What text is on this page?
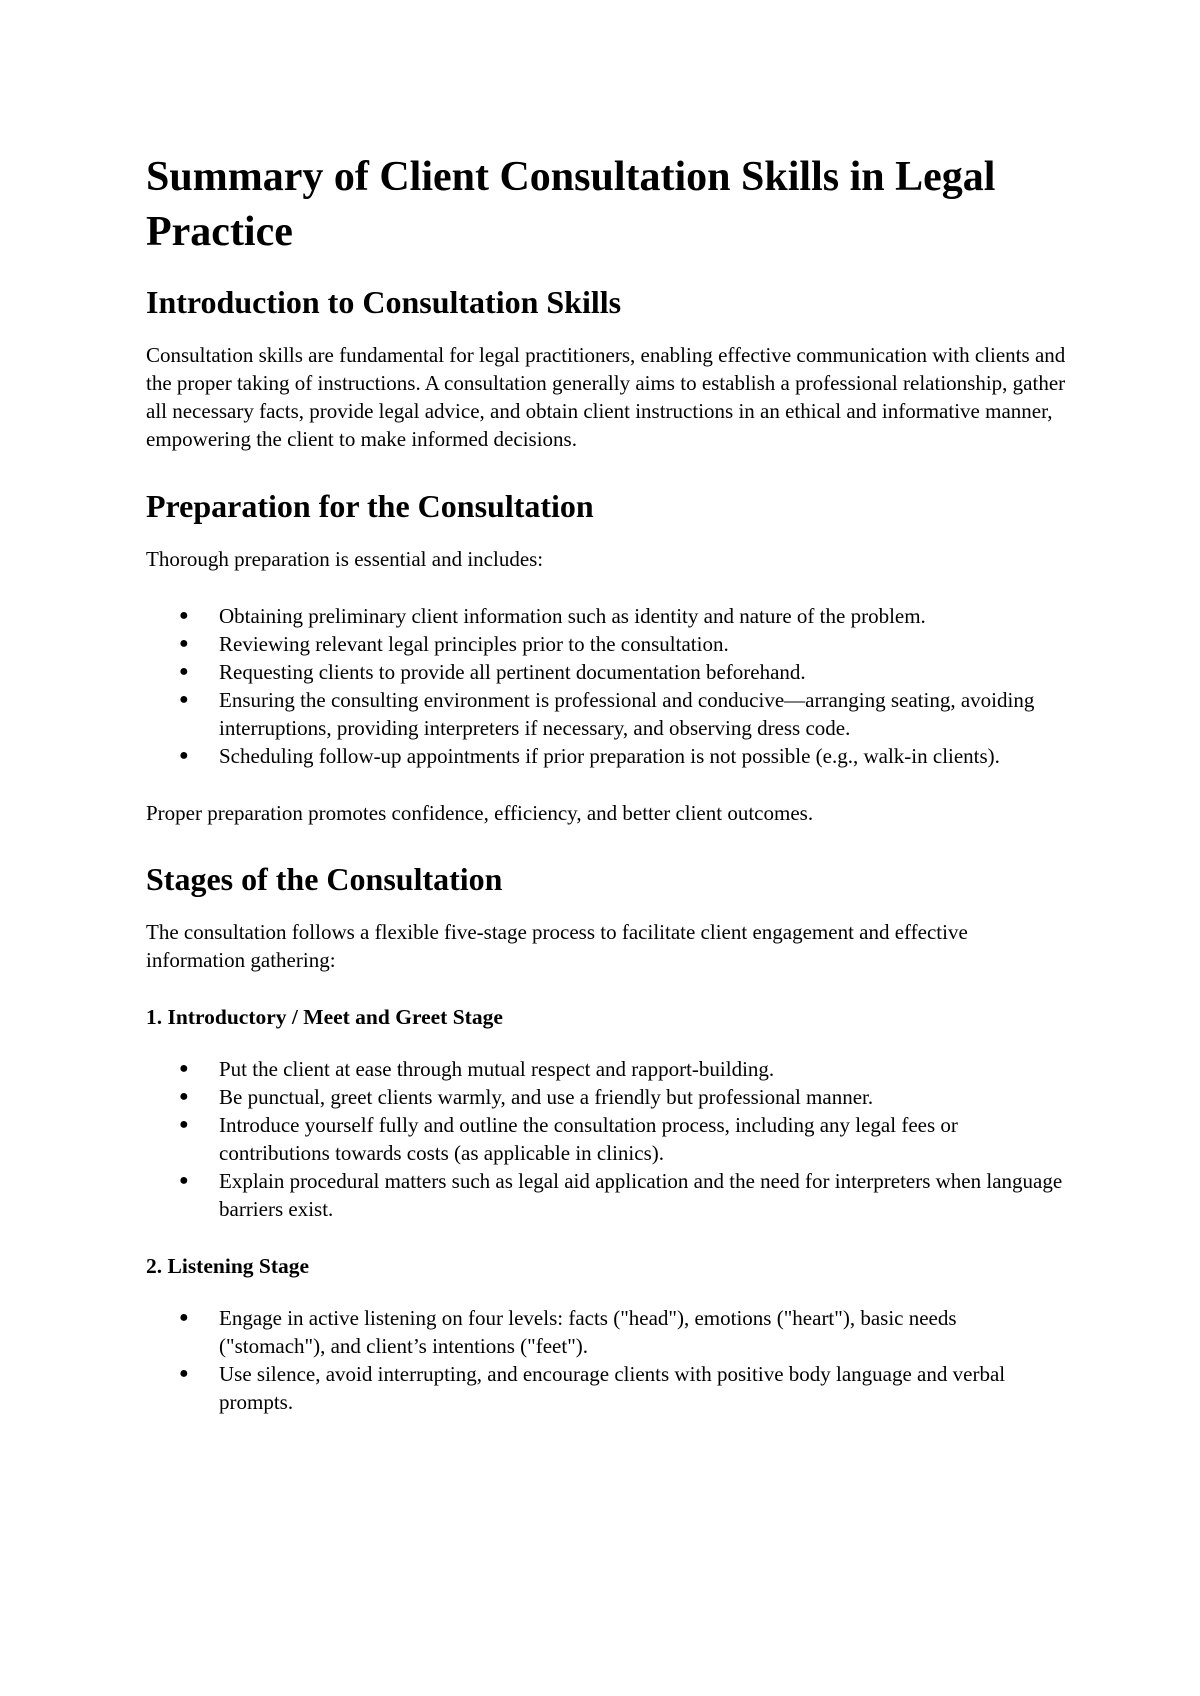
Summary of Client Consultation Skills in Legal Practice
Introduction to Consultation Skills

Consultation skills are fundamental for legal practitioners, enabling effective communication with clients and the proper taking of instructions. A consultation generally aims to establish a professional relationship, gather all necessary facts, provide legal advice, and obtain client instructions in an ethical and informative manner, empowering the client to make informed decisions.

Preparation for the Consultation

Thorough preparation is essential and includes:

● Obtaining preliminary client information such as identity and nature of the problem.
● Reviewing relevant legal principles prior to the consultation.
● Requesting clients to provide all pertinent documentation beforehand.
● Ensuring the consulting environment is professional and conducive—arranging seating, avoiding interruptions, providing interpreters if necessary, and observing dress code.
● Scheduling follow-up appointments if prior preparation is not possible (e.g., walk-in clients).

Proper preparation promotes confidence, efficiency, and better client outcomes.

Stages of the Consultation

The consultation follows a flexible five-stage process to facilitate client engagement and effective information gathering:

1. Introductory / Meet and Greet Stage
● Put the client at ease through mutual respect and rapport-building.
● Be punctual, greet clients warmly, and use a friendly but professional manner.
● Introduce yourself fully and outline the consultation process, including any legal fees or contributions towards costs (as applicable in clinics).
● Explain procedural matters such as legal aid application and the need for interpreters when language barriers exist.
2. Listening Stage
● Engage in active listening on four levels: facts ("head"), emotions ("heart"), basic needs ("stomach"), and client’s intentions ("feet").
● Use silence, avoid interrupting, and encourage clients with positive body language and verbal prompts.
